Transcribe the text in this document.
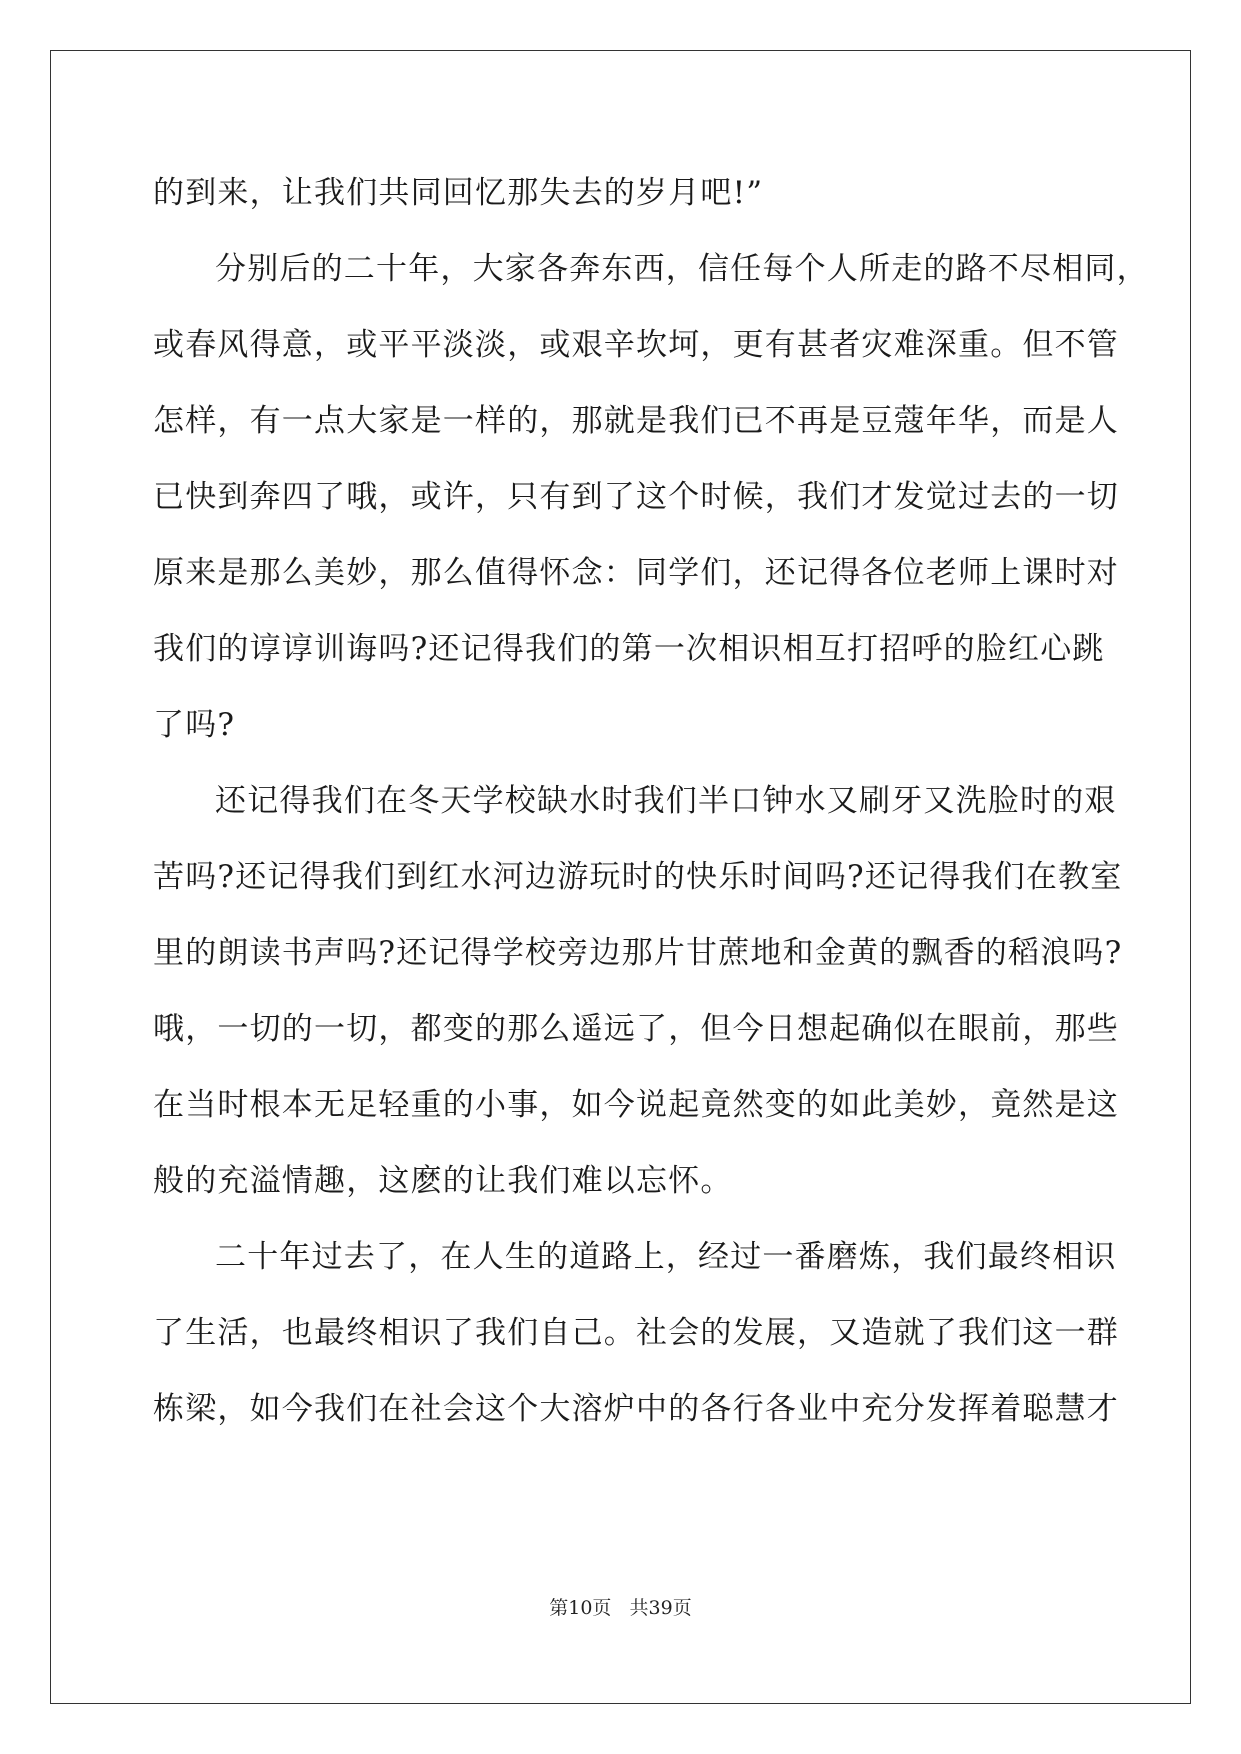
的到来，让我们共同回忆那失去的岁月吧!”
分别后的二十年，大家各奔东西，信任每个人所走的路不尽相同，
或春风得意，或平平淡淡，或艰辛坎坷，更有甚者灾难深重。但不管
怎样，有一点大家是一样的，那就是我们已不再是豆蔻年华，而是人
已快到奔四了哦，或许，只有到了这个时候，我们才发觉过去的一切
原来是那么美妙，那么值得怀念：同学们，还记得各位老师上课时对
我们的谆谆训诲吗?还记得我们的第一次相识相互打招呼的脸红心跳
了吗?
还记得我们在冬天学校缺水时我们半口钟水又刷牙又洗脸时的艰
苦吗?还记得我们到红水河边游玩时的快乐时间吗?还记得我们在教室
里的朗读书声吗?还记得学校旁边那片甘蔗地和金黄的飘香的稻浪吗?
哦，一切的一切，都变的那么遥远了，但今日想起确似在眼前，那些
在当时根本无足轻重的小事，如今说起竟然变的如此美妙，竟然是这
般的充溢情趣，这麽的让我们难以忘怀。
二十年过去了，在人生的道路上，经过一番磨炼，我们最终相识
了生活，也最终相识了我们自己。社会的发展，又造就了我们这一群
栋梁，如今我们在社会这个大溶炉中的各行各业中充分发挥着聪慧才
第10页   共39页
